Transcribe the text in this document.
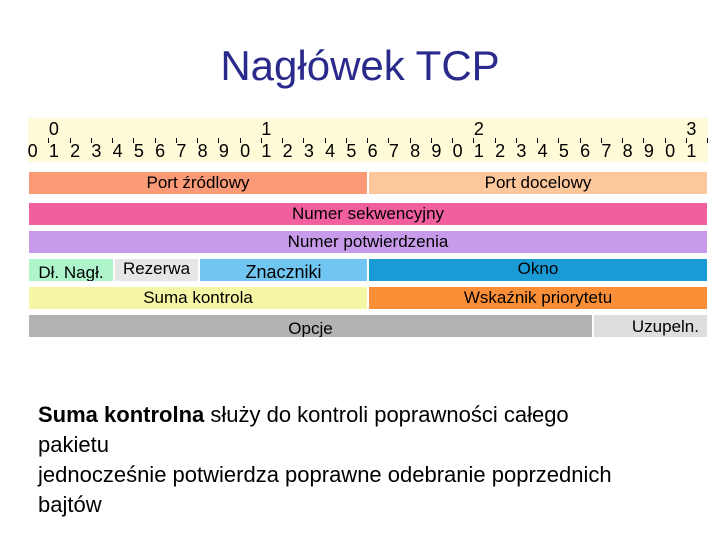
Nagłówek TCP
0 1 2 3 4 5 6 7 8 9 0 1 2 3 4 5 6 7 8 9 0 1 2 3 4 5 6 7 8 9 0 1
0	1	2	3
Port źródlowy	Port docelowy
Numer sekwencyjny
Numer potwierdzenia
Dł. Nagł.	Rezerwa	Znaczniki	Okno
Suma kontrola	Wskaźnik priorytetu
Opcje	Uzupeln.
Suma kontrolna służy do kontroli poprawności całego
pakietu
jednocześnie potwierdza poprawne odebranie poprzednich
bajtów
